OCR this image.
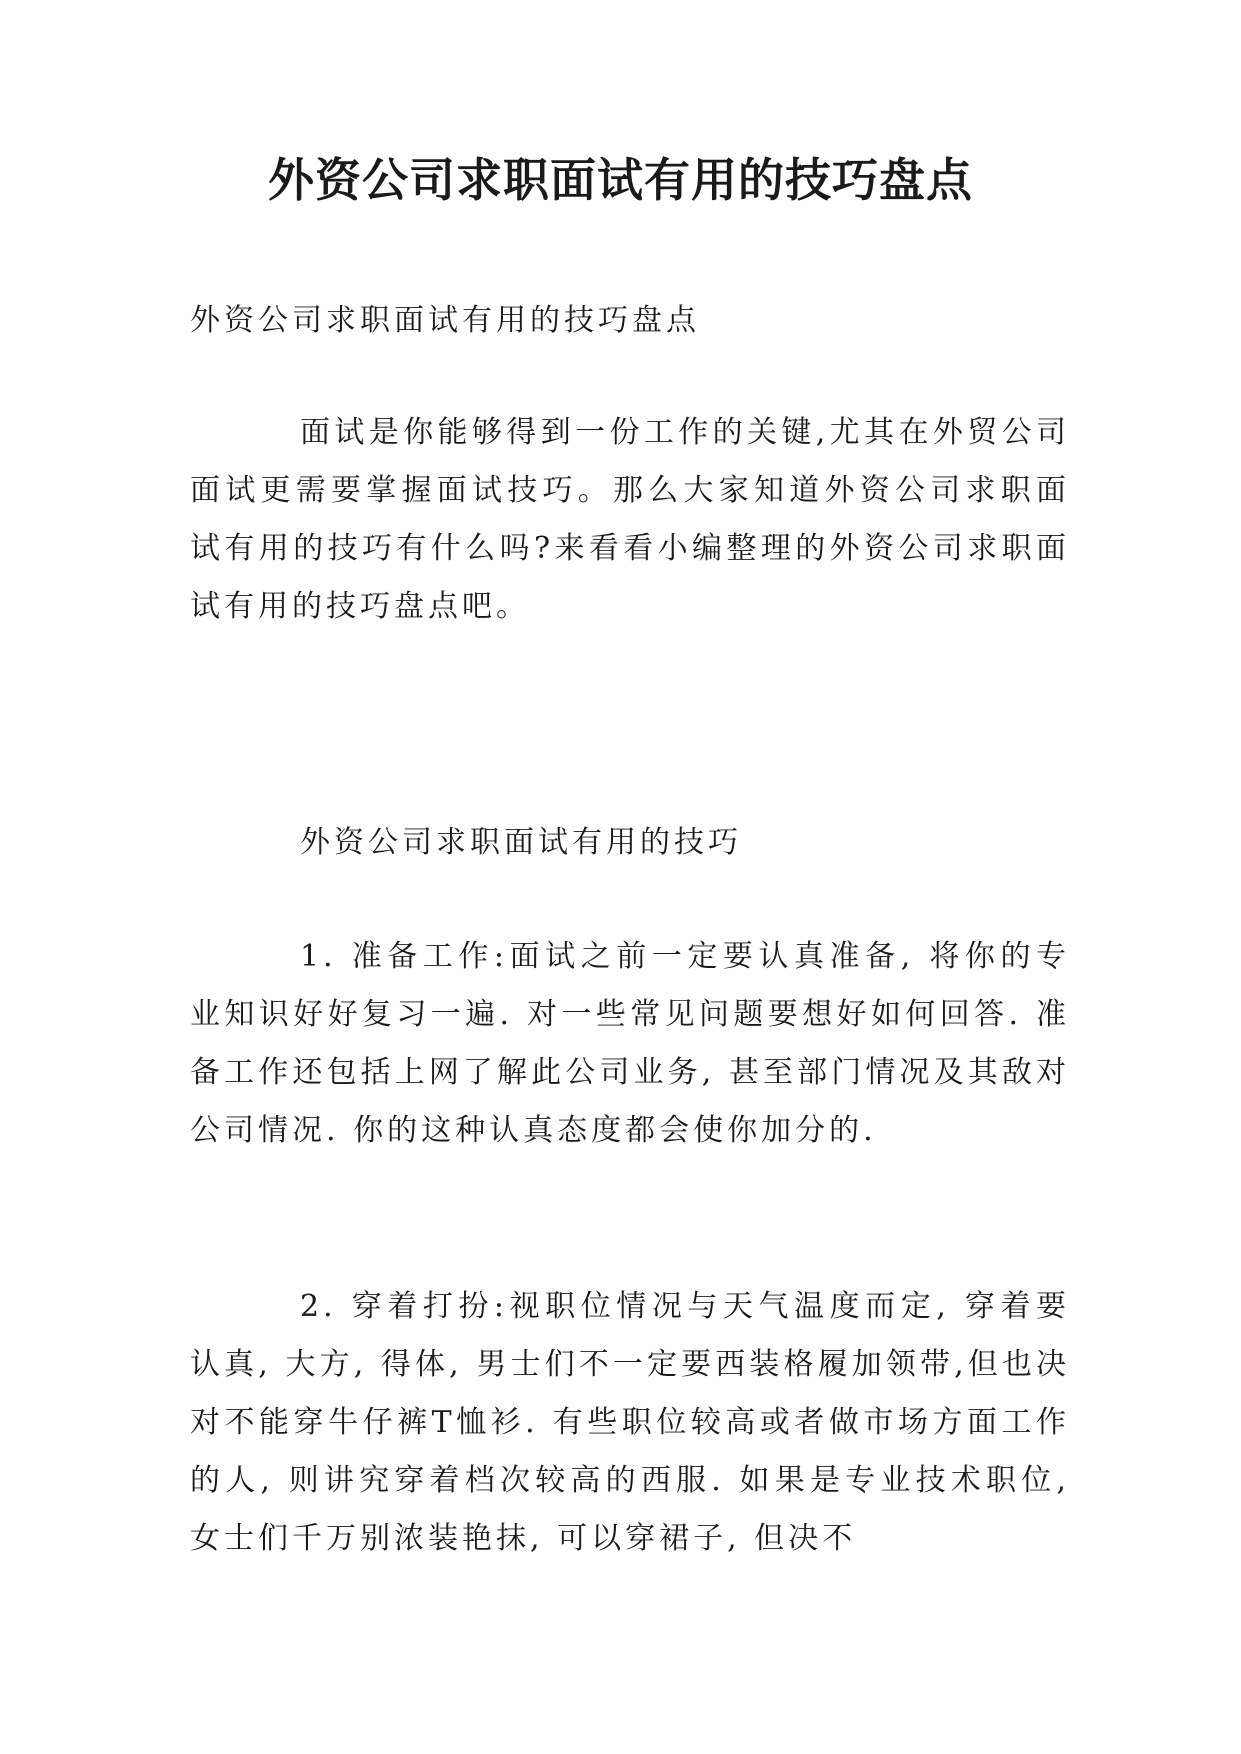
外资公司求职面试有用的技巧盘点

外资公司求职面试有用的技巧盘点

面试是你能够得到一份工作的关键,尤其在外贸公司面试更需要掌握面试技巧。那么大家知道外资公司求职面试有用的技巧有什么吗?来看看小编整理的外资公司求职面试有用的技巧盘点吧。

外资公司求职面试有用的技巧

1. 准备工作:面试之前一定要认真准备, 将你的专业知识好好复习一遍. 对一些常见问题要想好如何回答. 准备工作还包括上网了解此公司业务, 甚至部门情况及其敌对公司情况. 你的这种认真态度都会使你加分的.

2. 穿着打扮:视职位情况与天气温度而定, 穿着要认真, 大方, 得体, 男士们不一定要西装格履加领带,但也决对不能穿牛仔裤T恤衫. 有些职位较高或者做市场方面工作的人, 则讲究穿着档次较高的西服. 如果是专业技术职位, 女士们千万别浓装艳抹, 可以穿裙子, 但决不
